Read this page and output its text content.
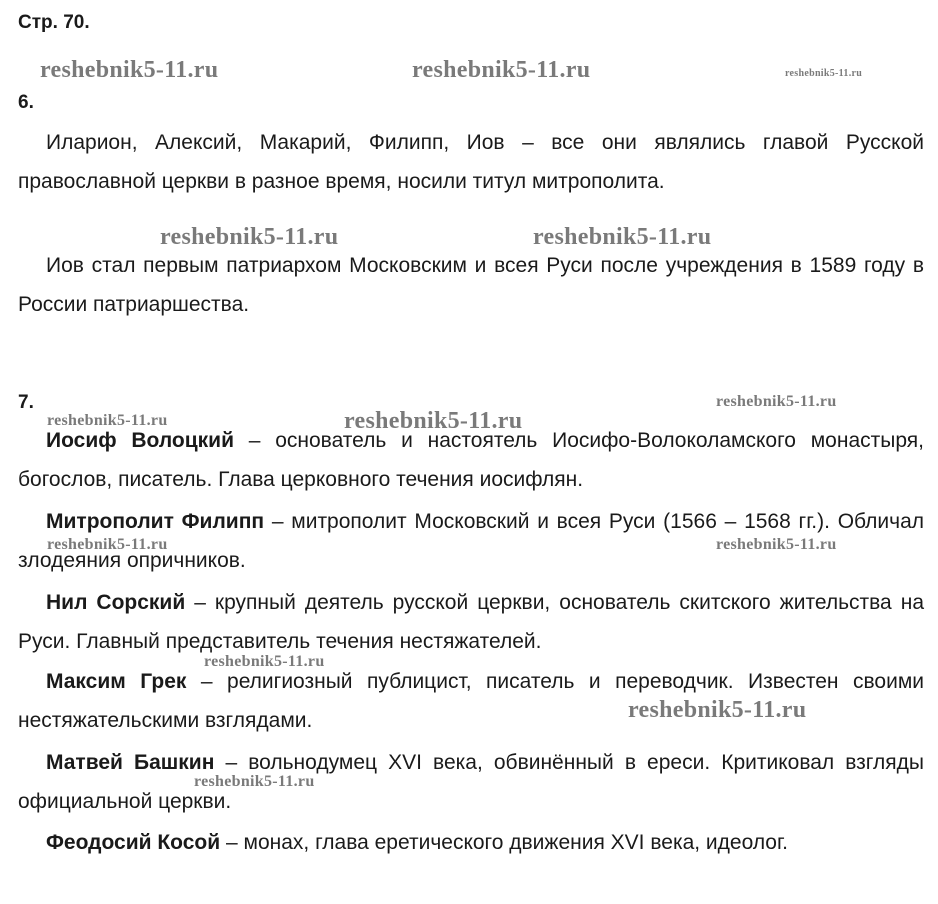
Стр. 70.
reshebnik5-11.ru	reshebnik5-11.ru	reshebnik5-11.ru
reshebnik5-11.ru	reshebnik5-11.ru
reshebnik5-11.ru
reshebnik5-11.ru	reshebnik5-11.ru
reshebnik5-11.ru	reshebnik5-11.ru
reshebnik5-11.ru
reshebnik5-11.ru
reshebnik5-11.ru
6.

Иларион, Алексий, Макарий, Филипп, Иов – все они являлись главой Русской православной церкви в разное время, носили титул митрополита.

Иов стал первым патриархом Московским и всея Руси после учреждения в 1589 году в России патриаршества.

7.

Иосиф Волоцкий – основатель и настоятель Иосифо-Волоколамского монастыря, богослов, писатель. Глава церковного течения иосифлян.

Митрополит Филипп – митрополит Московский и всея Руси (1566 – 1568 гг.). Обличал злодеяния опричников.

Нил Сорский – крупный деятель русской церкви, основатель скитского жительства на Руси. Главный представитель течения нестяжателей.

Максим Грек – религиозный публицист, писатель и переводчик. Известен своими нестяжательскими взглядами.

Матвей Башкин – вольнодумец XVI века, обвинённый в ереси. Критиковал взгляды официальной церкви.

Феодосий Косой – монах, глава еретического движения XVI века, идеолог.
